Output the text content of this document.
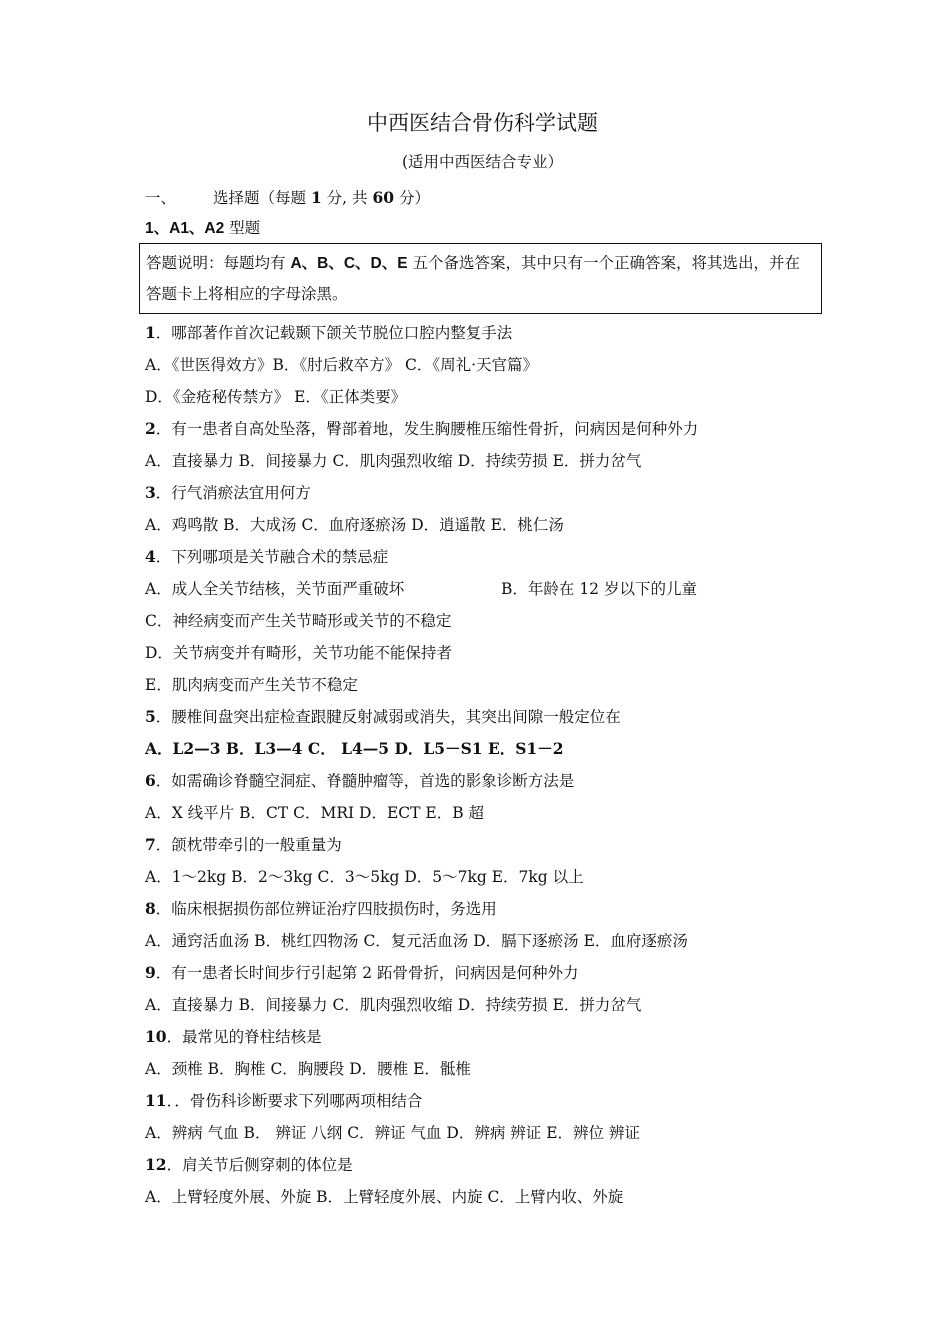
中西医结合骨伤科学试题
(适用中西医结合专业）
一、 选择题（每题 1 分, 共 60 分）
1、A1、A2 型题
答题说明：每题均有 A、B、C、D、E 五个备选答案，其中只有一个正确答案，将其选出，并在答题卡上将相应的字母涂黑。
1．哪部著作首次记载颞下颌关节脱位口腔内整复手法
A．《世医得效方》B．《肘后救卒方》 C．《周礼·天官篇》
D．《金疮秘传禁方》 E．《正体类要》
2．有一患者自高处坠落，臀部着地，发生胸腰椎压缩性骨折，问病因是何种外力
A．直接暴力 B．间接暴力 C．肌肉强烈收缩 D．持续劳损 E．拼力岔气
3．行气消瘀法宜用何方
A．鸡鸣散 B．大成汤 C．血府逐瘀汤 D．逍遥散 E．桃仁汤
4．下列哪项是关节融合术的禁忌症
A．成人全关节结核，关节面严重破坏	B．年龄在 12 岁以下的儿童
C．神经病变而产生关节畸形或关节的不稳定
D．关节病变并有畸形，关节功能不能保持者
E．肌肉病变而产生关节不稳定
5．腰椎间盘突出症检查跟腱反射减弱或消失，其突出间隙一般定位在
A．L2—3 B．L3—4 C． L4—5 D．L5－S1 E．S1－2
6．如需确诊脊髓空洞症、脊髓肿瘤等，首选的影象诊断方法是
A．X 线平片 B．CT C．MRI D．ECT E．B 超
7．颌枕带牵引的一般重量为
A．1～2kg B．2～3kg C．3～5kg D．5～7kg E．7kg 以上
8．临床根据损伤部位辨证治疗四肢损伤时，务选用
A．通窍活血汤 B．桃红四物汤 C．复元活血汤 D．膈下逐瘀汤 E．血府逐瘀汤
9．有一患者长时间步行引起第 2 跖骨骨折，问病因是何种外力
A．直接暴力 B．间接暴力 C．肌肉强烈收缩 D．持续劳损 E．拼力岔气
10．最常见的脊柱结核是
A．颈椎 B．胸椎 C．胸腰段 D．腰椎 E．骶椎
11．．骨伤科诊断要求下列哪两项相结合
A．辨病 气血 B． 辨证 八纲 C．辨证 气血 D．辨病 辨证 E．辨位 辨证
12．肩关节后侧穿刺的体位是
A．上臂轻度外展、外旋 B．上臂轻度外展、内旋 C．上臂内收、外旋
